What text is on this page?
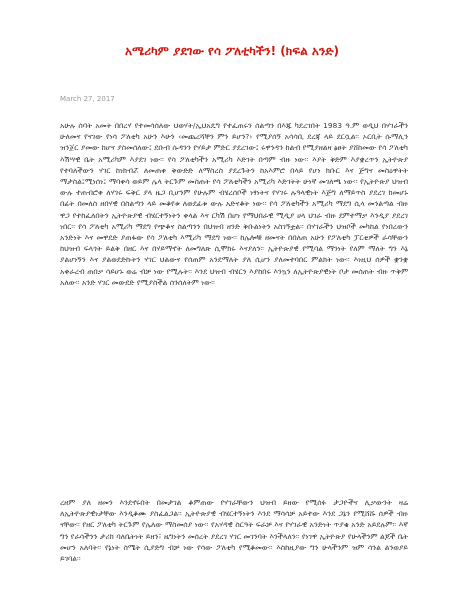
አሜሪካም ያደገው የሳ ፖለቲካችን! (ክፍል አንድ)
March 27, 2017

አሁሉ ሰባት አመት በበረሃ የተመሳሰለው ህወሃት/ኢህአዴግ የተፈጠሩን ሰልጣን በእጁ ካደረገበት 1983 ዓ.ም ወዲህ በሃገራችን ሁለመና የናገው የነሳ ፖለቲካ አሁን እሁን ‹መጨረሻቸን ምን ይሆን?› የሚያሰኝ አሳሳቢ ደረጃ ላይ ደርሷል፡፡ ኦርቢት ሱማሊን ዝንጀር ያመው ከሆና ያስመሰለው፤ ደቡብ ሱዳንን የሃይታ ምድር ያደረገው፤ ሩዋንዳን ከልብ የሚያዘልዛ ፅፀት ያሸከመው የሳ ፖለቲካ እሽሣዊ ቤት አሚሪካም እያደገ ነው፡፡ የሳ ፖለቲካችን አሚሪካ እድገት በጣም ብዙ ነው፡፡ እያት ቅድም እያቋረጥን ኢትዮጵያ የተባለችውን ሃገር ከነክብሯ ለመጠቀ ቅውድድ ለማስረስ ያደረጉትን ከአእምሮ በላይ የሆነ ክቡር እና ጅግና መስዕዋትት ማታስል፤ሚነሰነ፤ ማባቀሳ ወይም ሌላ ትርጉም መስጠት የሳ ፖለቲካችን አሚሪካ እድገትት ሁነኛ መገለጫ ነው፡፡ የኢትዮጵያ ህዝብ ውሉ ተጠብሮቀ ለሃገሩ ፍቅር ያላ ዜጋ ቢሆንም የሁሉም ብሄረሰቦች ነፃነትና የሃገሩ ሉዓላዊነት እጅግ ለማይጥስ ያደረገ ከመሆኑ በፊት በመለስ ዘበሃዊ በስልጣን ላይ መቆየቱ ለወደፊቱ ውሉ አድናቆት ነው፡፡ የሳ ፖለቲካችን አሚሪካ ማደግ ሲላ መንልጣል ብዙ ዋጋ የተከፈለበትን ኢትዮጵያዊ ብሄርተኝነትን ቀላል እና ርካሽ በሆነ የማህበራዊ ሚዲያ ሀላ ህገራ ብዙ ደምተማቃ እንዲያ ያደረገ ነበር፡፡ የሳ ፖለቲካ አሚሪካ ማደግ የጭቆና ስልጣንን በህዝብ ዘንድ ቅቡልነትን አስገኝቷል፡፡ በሃገራችን ህዝቦች መካከል የነበረውን አንድነት እና መዋደድ ያጠፋው የሳ ፖለቲካ እሚሪካ ማደግ ነው፡፡ ከሌሎቹ ዘመናት በበለጠ አሁን የፖለቲካ ፓርቲዎች ራሳቸውን ከህዝብ ፍላጎት ይልቅ በዘር እና በሃይማኖት ለመግለጽ ሲሞክሩ እናያለን፡፡ ኢትዮጵያዊ የሚባል ማንነት የለም ማለት ግን እኔ ያልሆነኝን እና ያልወደድኩትን ሃገር ህልውና የሰጠም አንደማለት ያለ ሲሆን ያለመተባበር ምልክት ነው፡፡ እነዚህ ሰዎች ቋንቋ አቀራረብ ጠበቃ ሳይሆኑ ወሬ ብቻ ነው የሚሉት፡፡ እንደ ህዝብ ብሄርን እያከበሩ እንኳን ለኢትዮጵያዊነት ቦታ መሰጠት ብዙ ጥቅም አለው፡፡ አንድ ሃገር መውደድ የሚያስችል ሰንሰለትም ነው፡፡

ረዘም ያለ ዘመን እንደኖሩበት በመታገል ቆምጠው የሃገራቸውን ህዝብ ይዘው የሚሰፉ ታጋዮችና ሊቃውንት ዛሬ ለኢትዮጵያዊነታቸው እንዲቆሙ ያስፈልጋል፡፡ ኢትዮጵያዊ ብሄርተኝነትን እንደ ማሳሳቻ አይተው እንደ ጋኔን የሚሸሹ ሰዎች ብዙ ናቸው፡፡ የዘር ፖለቲካ ትርጉም የሌለው ማስመሰያ ነው፡፡ የአሃዳዊ ስርዓት ፍራቻ እና የሃገራዊ አንድነት ጥያቄ አንድ አይደሉም፡፡ እኛ ግን የራሳችንን ታሪክ ባለቤትነት ይዘን፣ ዜግነትን መሰረት ያደረገ ሃገር መገንባት እንችላለን፡፡ የነገዋ ኢትዮጵያ የሁላችንም ልጆች ቤት መሆን አለባት፡፡ የኔነት ስሜት ሲያድግ ብቻ ነው የሳው ፖለቲካ የሚቆመው፡፡ እስከዚያው ግን ሁላችንም ዝም ሳንል ልንወያይ ይገባል፡፡
